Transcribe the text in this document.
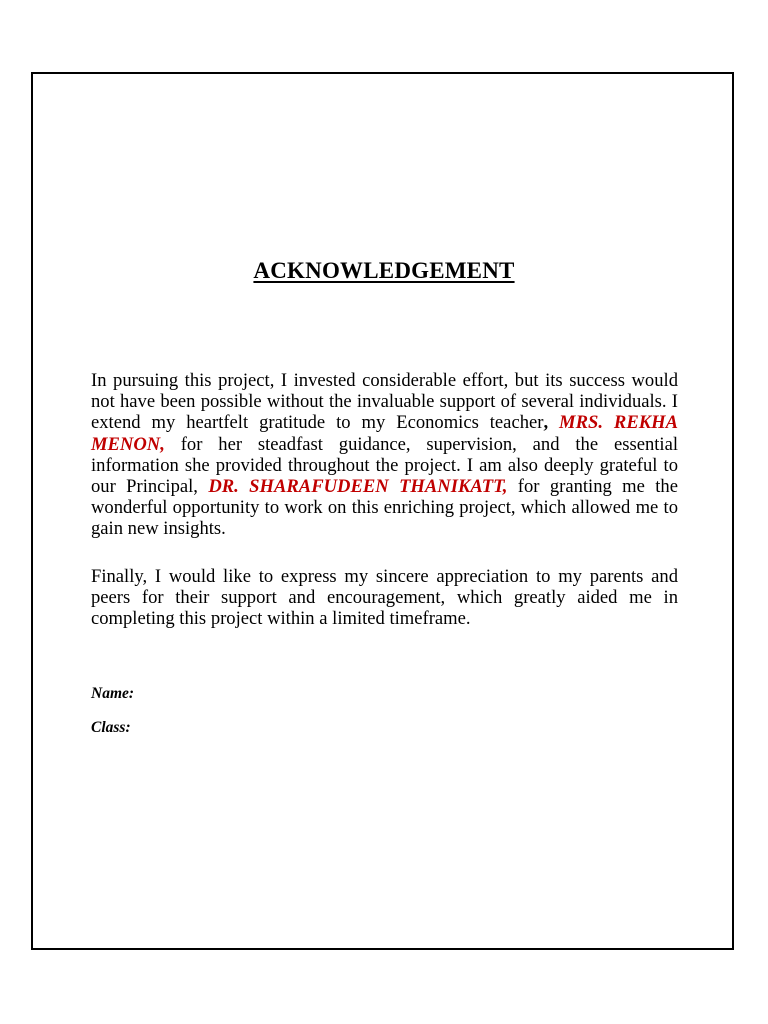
ACKNOWLEDGEMENT

In pursuing this project, I invested considerable effort, but its success would not have been possible without the invaluable support of several individuals. I extend my heartfelt gratitude to my Economics teacher, MRS. REKHA MENON, for her steadfast guidance, supervision, and the essential information she provided throughout the project. I am also deeply grateful to our Principal, DR. SHARAFUDEEN THANIKATT, for granting me the wonderful opportunity to work on this enriching project, which allowed me to gain new insights.

Finally, I would like to express my sincere appreciation to my parents and peers for their support and encouragement, which greatly aided me in completing this project within a limited timeframe.

Name:
Class:
